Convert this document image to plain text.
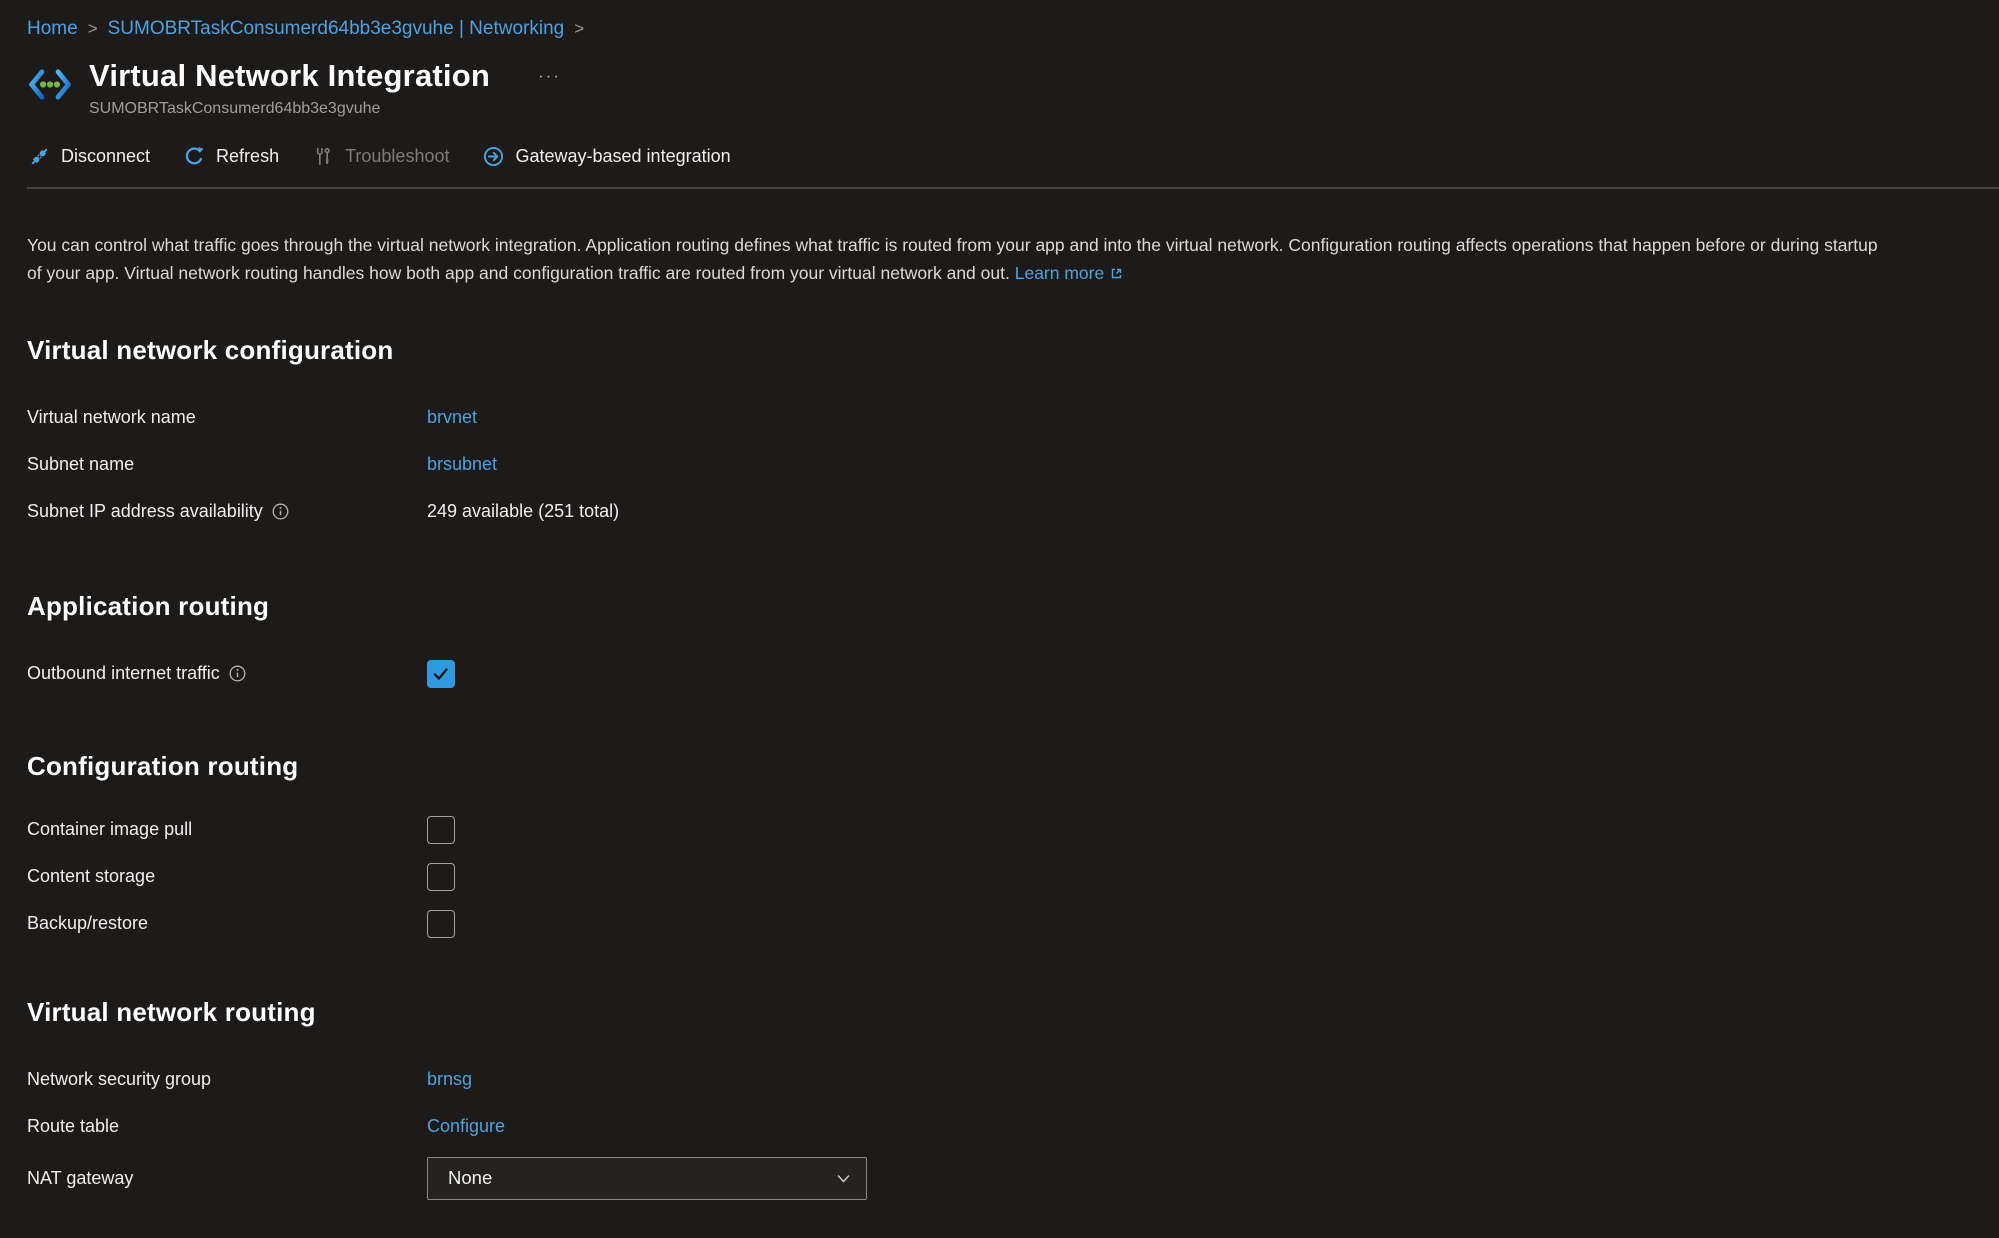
Home > SUMOBRTaskConsumerd64bb3e3gvuhe | Networking >
Virtual Network Integration	···
SUMOBRTaskConsumerd64bb3e3gvuhe
Disconnect	Refresh	Troubleshoot	Gateway-based integration

You can control what traffic goes through the virtual network integration. Application routing defines what traffic is routed from your app and into the virtual network. Configuration routing affects operations that happen before or during startup of your app. Virtual network routing handles how both app and configuration traffic are routed from your virtual network and out. Learn more

Virtual network configuration
Virtual network name	brvnet
Subnet name	brsubnet
Subnet IP address availability	249 available (251 total)
Application routing
Outbound internet traffic
Configuration routing
Container image pull
Content storage
Backup/restore
Virtual network routing
Network security group	brnsg
Route table	Configure
NAT gateway	None
